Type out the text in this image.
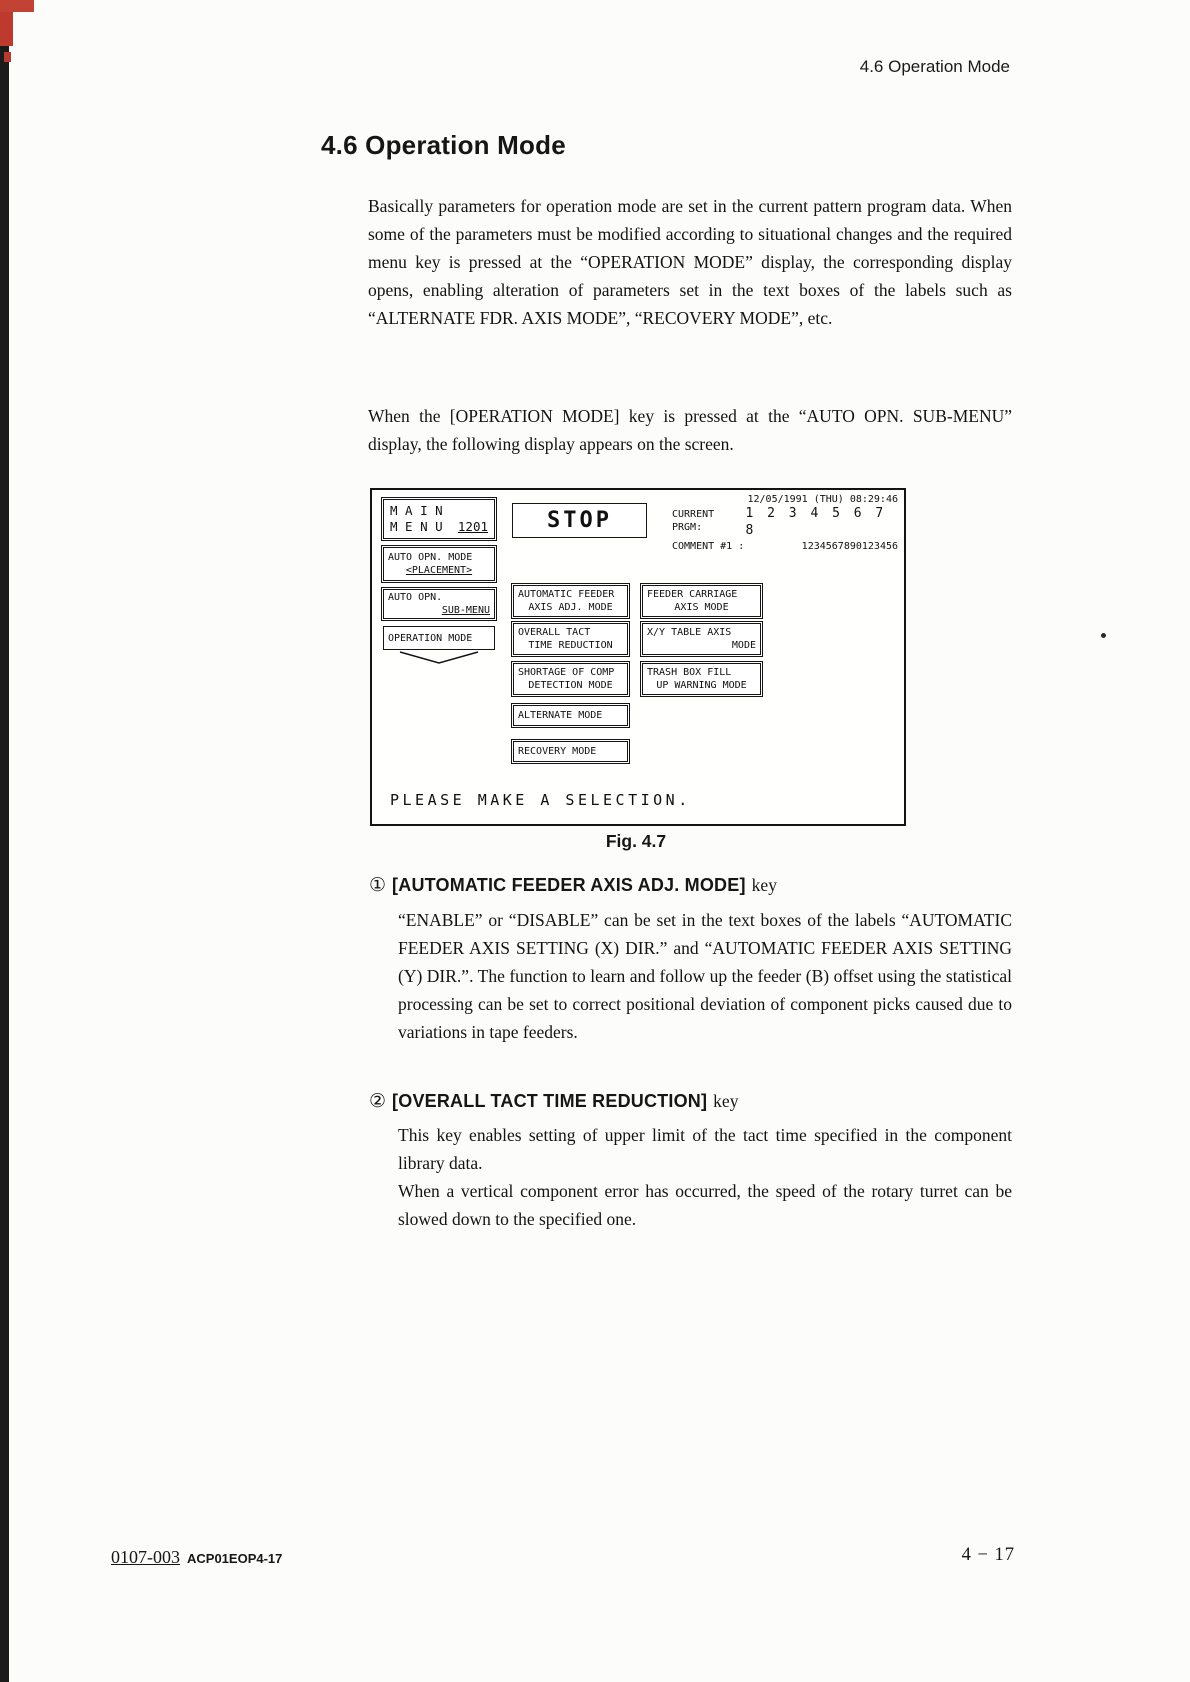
4.6 Operation Mode
4.6 Operation Mode

Basically parameters for operation mode are set in the current pattern program data. When some of the parameters must be modified according to situational changes and the required menu key is pressed at the “OPERATION MODE” display, the corresponding display opens, enabling alteration of parameters set in the text boxes of the labels such as “ALTERNATE FDR. AXIS MODE”, “RECOVERY MODE”, etc.

When the [OPERATION MODE] key is pressed at the “AUTO OPN. SUB-MENU” display, the following display appears on the screen.

M A I N
M E N U 1201	STOP
12/05/1991 (THU) 08:29:46
CURRENT PRGM:
1 2 3 4 5 6 7 8
COMMENT #1 :	1234567890123456
AUTO OPN. MODE
<PLACEMENT>
AUTO OPN.
SUB-MENU
OPERATION MODE
AUTOMATIC FEEDER
AXIS ADJ. MODE
OVERALL TACT
TIME REDUCTION
SHORTAGE OF COMP
DETECTION MODE
ALTERNATE MODE
RECOVERY MODE
FEEDER CARRIAGE
AXIS MODE
X/Y TABLE AXIS
MODE
TRASH BOX FILL
UP WARNING MODE
PLEASE MAKE A SELECTION.
Fig. 4.7
① [AUTOMATIC FEEDER AXIS ADJ. MODE] key

“ENABLE” or “DISABLE” can be set in the text boxes of the labels “AUTOMATIC FEEDER AXIS SETTING (X) DIR.” and “AUTOMATIC FEEDER AXIS SETTING (Y) DIR.”. The function to learn and follow up the feeder (B) offset using the statistical processing can be set to correct positional deviation of component picks caused due to variations in tape feeders.

② [OVERALL TACT TIME REDUCTION] key

This key enables setting of upper limit of the tact time specified in the component library data.

When a vertical component error has occurred, the speed of the rotary turret can be slowed down to the specified one.

0107-003 ACP01EOP4-17	4 − 17
